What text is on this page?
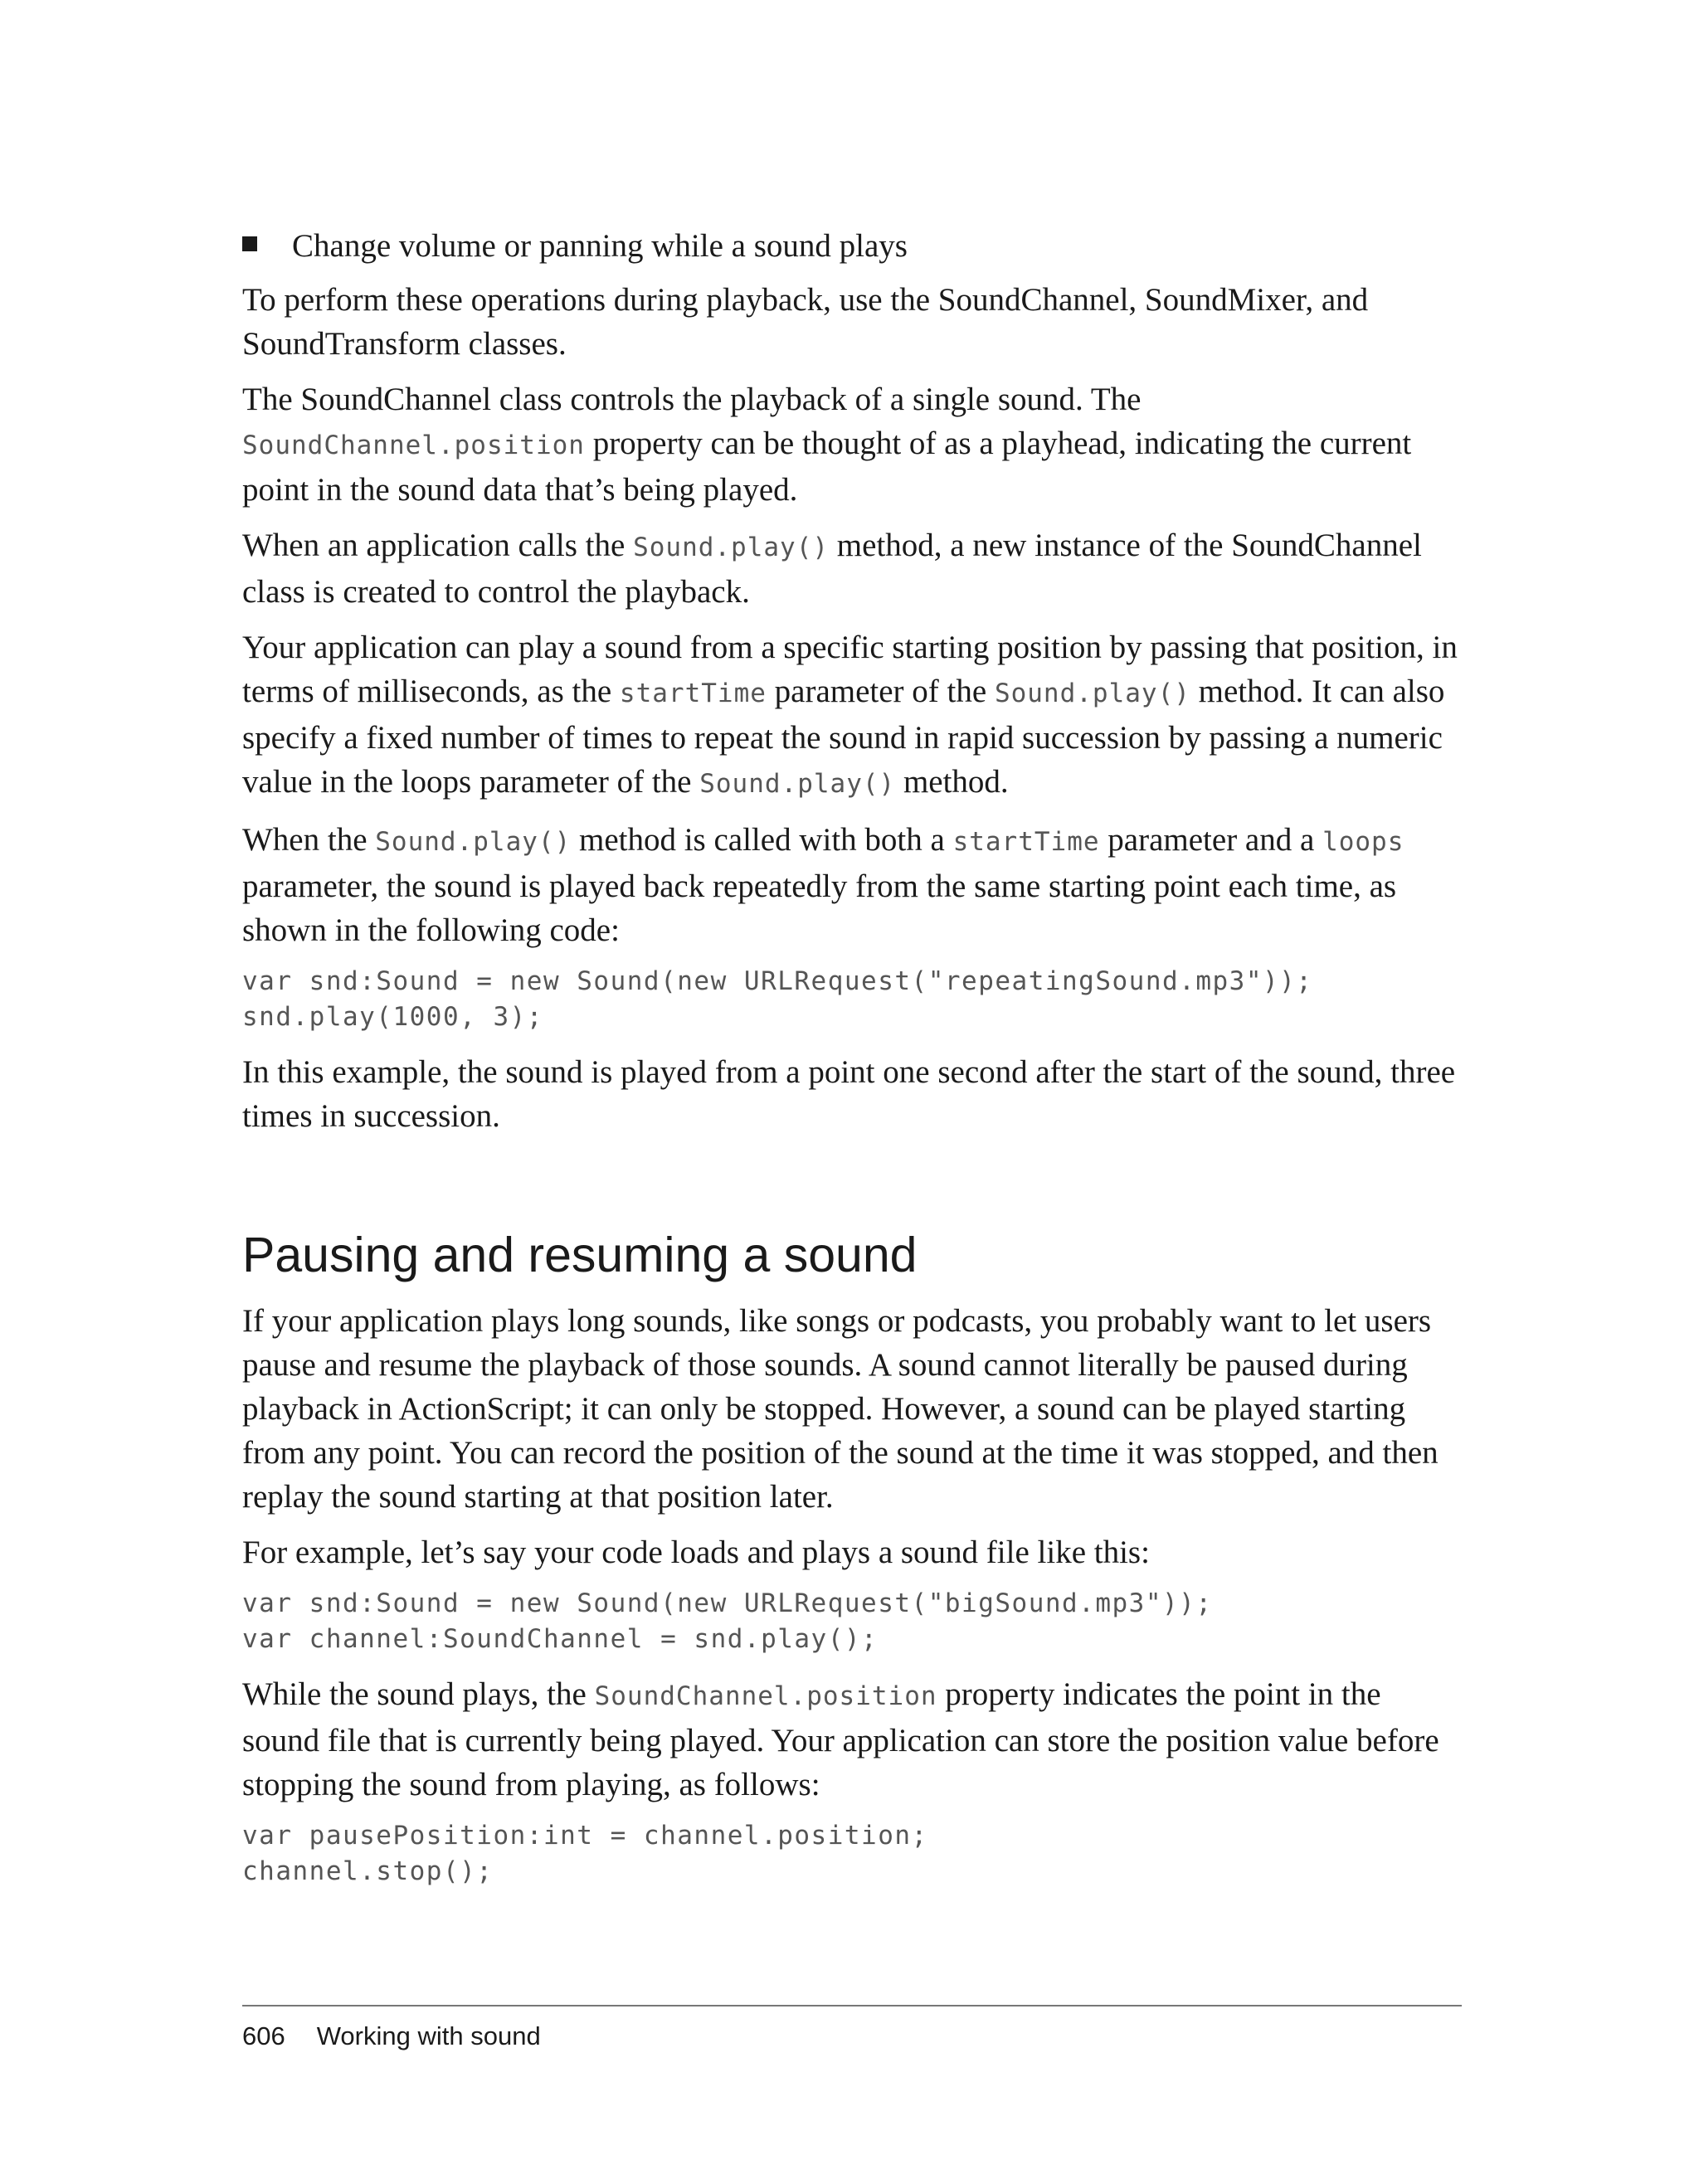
Change volume or panning while a sound plays

To perform these operations during playback, use the SoundChannel, SoundMixer, and SoundTransform classes.

The SoundChannel class controls the playback of a single sound. The SoundChannel.position property can be thought of as a playhead, indicating the current point in the sound data that’s being played.

When an application calls the Sound.play() method, a new instance of the SoundChannel class is created to control the playback.

Your application can play a sound from a specific starting position by passing that position, in terms of milliseconds, as the startTime parameter of the Sound.play() method. It can also specify a fixed number of times to repeat the sound in rapid succession by passing a numeric value in the loops parameter of the Sound.play() method.

When the Sound.play() method is called with both a startTime parameter and a loops parameter, the sound is played back repeatedly from the same starting point each time, as shown in the following code:

var snd:Sound = new Sound(new URLRequest("repeatingSound.mp3"));
snd.play(1000, 3);

In this example, the sound is played from a point one second after the start of the sound, three times in succession.

Pausing and resuming a sound

If your application plays long sounds, like songs or podcasts, you probably want to let users pause and resume the playback of those sounds. A sound cannot literally be paused during playback in ActionScript; it can only be stopped. However, a sound can be played starting from any point. You can record the position of the sound at the time it was stopped, and then replay the sound starting at that position later.

For example, let’s say your code loads and plays a sound file like this:

var snd:Sound = new Sound(new URLRequest("bigSound.mp3"));
var channel:SoundChannel = snd.play();

While the sound plays, the SoundChannel.position property indicates the point in the sound file that is currently being played. Your application can store the position value before stopping the sound from playing, as follows:

var pausePosition:int = channel.position;
channel.stop();
606 Working with sound
